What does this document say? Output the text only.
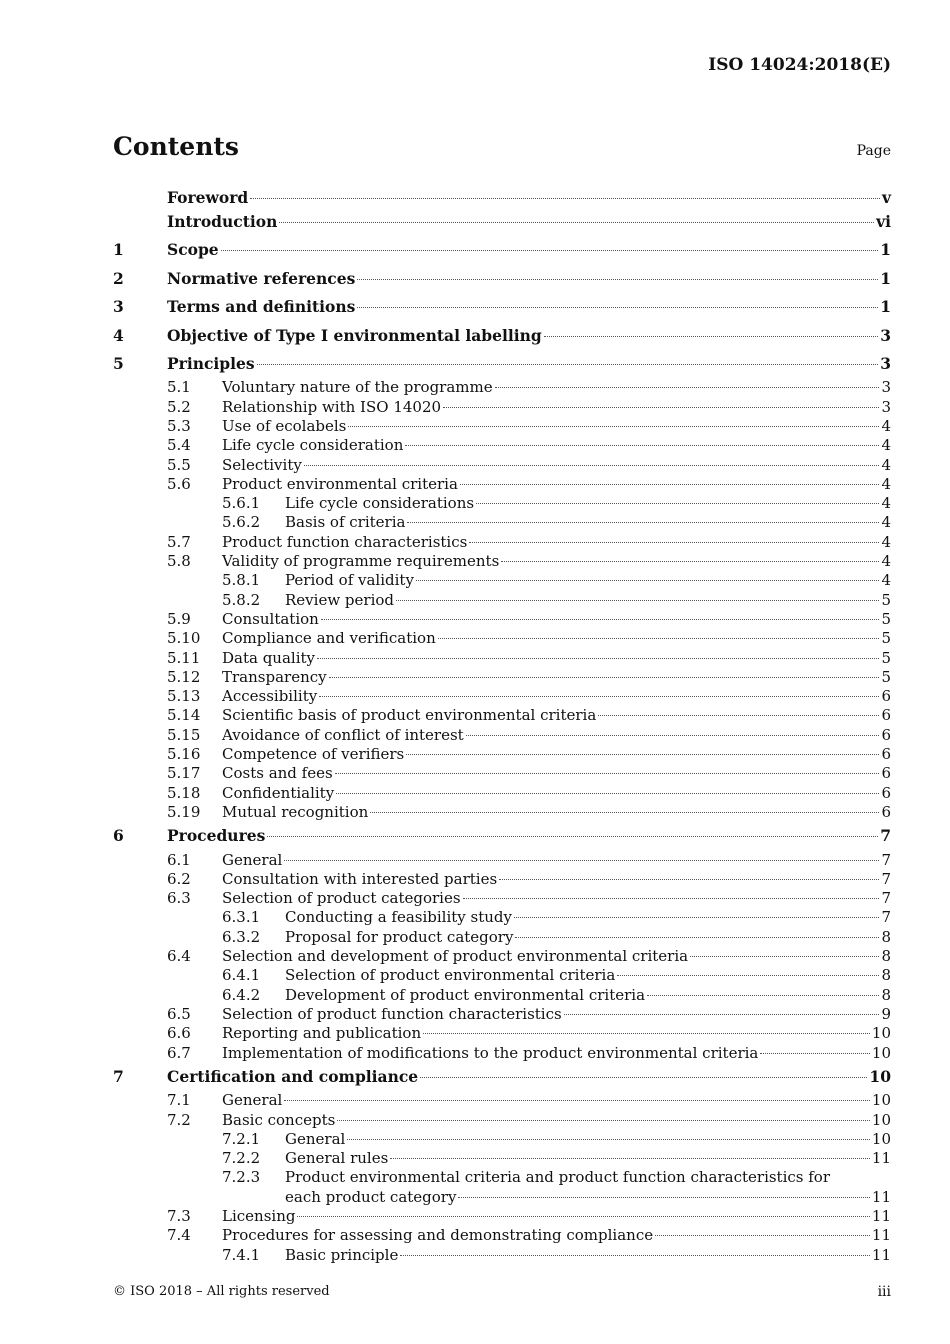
ISO 14024:2018(E)
Contents	Page
Foreword	v
Introduction	vi
1	Scope	1
2	Normative references	1
3	Terms and definitions	1
4	Objective of Type I environmental labelling	3
5	Principles	3
5.1	Voluntary nature of the programme	3
5.2	Relationship with ISO 14020	3
5.3	Use of ecolabels	4
5.4	Life cycle consideration	4
5.5	Selectivity	4
5.6	Product environmental criteria	4
5.6.1	Life cycle considerations	4
5.6.2	Basis of criteria	4
5.7	Product function characteristics	4
5.8	Validity of programme requirements	4
5.8.1	Period of validity	4
5.8.2	Review period	5
5.9	Consultation	5
5.10	Compliance and verification	5
5.11	Data quality	5
5.12	Transparency	5
5.13	Accessibility	6
5.14	Scientific basis of product environmental criteria	6
5.15	Avoidance of conflict of interest	6
5.16	Competence of verifiers	6
5.17	Costs and fees	6
5.18	Confidentiality	6
5.19	Mutual recognition	6
6	Procedures	7
6.1	General	7
6.2	Consultation with interested parties	7
6.3	Selection of product categories	7
6.3.1	Conducting a feasibility study	7
6.3.2	Proposal for product category	8
6.4	Selection and development of product environmental criteria	8
6.4.1	Selection of product environmental criteria	8
6.4.2	Development of product environmental criteria	8
6.5	Selection of product function characteristics	9
6.6	Reporting and publication	10
6.7	Implementation of modifications to the product environmental criteria	10
7	Certification and compliance	10
7.1	General	10
7.2	Basic concepts	10
7.2.1	General	10
7.2.2	General rules	11
7.2.3	Product environmental criteria and product function characteristics for
each product category	11
7.3	Licensing	11
7.4	Procedures for assessing and demonstrating compliance	11
7.4.1	Basic principle	11
© ISO 2018 – All rights reserved	iii
